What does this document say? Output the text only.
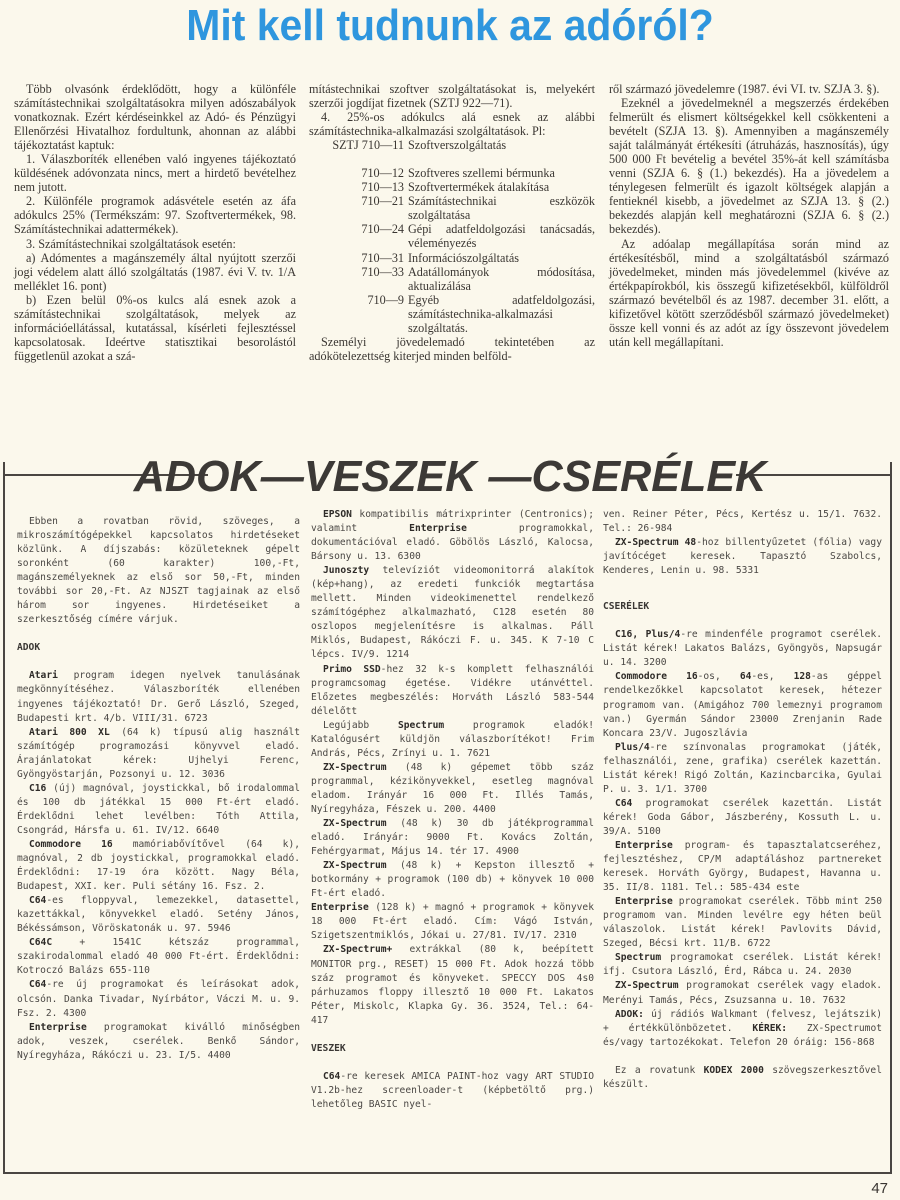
Mit kell tudnunk az adóról?

Több olvasónk érdeklődött, hogy a különféle számítástechnikai szolgáltatásokra milyen adószabályok vonatkoznak. Ezért kérdéseinkkel az Adó- és Pénzügyi Ellenőrzési Hivatalhoz fordultunk, ahonnan az alábbi tájékoztatást kaptuk:

1. Válaszboríték ellenében való ingyenes tájékoztató küldésének adóvonzata nincs, mert a hirdető bevételhez nem jutott.

2. Különféle programok adásvétele esetén az áfa adókulcs 25% (Termékszám: 97. Szoftvertermékek, 98. Számítástechnikai adattermékek).

3. Számítástechnikai szolgáltatások esetén:

a) Adómentes a magánszemély által nyújtott szerzői jogi védelem alatt álló szolgáltatás (1987. évi V. tv. 1/A melléklet 16. pont)

b) Ezen belül 0%-os kulcs alá esnek azok a számítástechnikai szolgáltatások, melyek az információellátással, kutatással, kísérleti fejlesztéssel kapcsolatosak. Ideértve statisztikai besorolástól függetlenül azokat a szá-

mítástechnikai szoftver szolgáltatásokat is, melyekért szerzői jogdíjat fizetnek (SZTJ 922—71).

4. 25%-os adókulcs alá esnek az alábbi számítástechnika-alkalmazási szolgáltatások. Pl:

SZTJ 710—11 Szoftverszolgáltatás
710—12 Szoftveres szellemi bérmunka
710—13 Szoftvertermékek átalakítása
710—21 Számítástechnikai eszközök szolgáltatása
710—24 Gépi adatfeldolgozási tanácsadás, véleményezés
710—31 Információszolgáltatás
710—33 Adatállományok módosítása, aktualizálása
710—9 Egyéb adatfeldolgozási, számítástechnika-alkalmazási szolgáltatás.

Személyi jövedelemadó tekintetében az adókötelezettség kiterjed minden belföld-

ről származó jövedelemre (1987. évi VI. tv. SZJA 3. §).

Ezeknél a jövedelmeknél a megszerzés érdekében felmerült és elismert költségekkel kell csökkenteni a bevételt (SZJA 13. §). Amennyiben a magánszemély saját találmányát értékesíti (átruházás, hasznosítás), úgy 500 000 Ft bevételig a bevétel 35%-át kell számításba venni (SZJA 6. § (1.) bekezdés). Ha a jövedelem a ténylegesen felmerült és igazolt költségek alapján a fentieknél kisebb, a jövedelmet az SZJA 13. § (2.) bekezdés alapján kell meghatározni (SZJA 6. § (2.) bekezdés).

Az adóalap megállapítása során mind az értékesítésből, mind a szolgáltatásból származó jövedelmeket, minden más jövedelemmel (kivéve az értékpapírokból, kis összegű kifizetésekből, külföldről származó bevételből és az 1987. december 31. előtt, a kifizetővel kötött szerződésből származó jövedelmeket) össze kell vonni és az adót az így összevont jövedelem után kell megállapítani.

ADOK—VESZEK —CSERÉLEK

Ebben a rovatban rövid, szöveges, a mikroszámítógépekkel kapcsolatos hirdetéseket közlünk. A díjszabás: közületeknek gépelt soronként (60 karakter) 100,-Ft, magánszemélyeknek az első sor 50,-Ft, minden további sor 20,-Ft. Az NJSZT tagjainak az első három sor ingyenes. Hirdetéseiket a szerkesztőség címére várjuk.

ADOK

Atari program idegen nyelvek tanulásának megkönnyítéséhez. Válaszboríték ellenében ingyenes tájékoztató! Dr. Gerő László, Szeged, Budapesti krt. 4/b. VIII/31. 6723

Atari 800 XL (64 k) típusú alig használt számítógép programozási könyvvel eladó. Árajánlatokat kérek: Ujhelyi Ferenc, Gyöngyöstarján, Pozsonyi u. 12. 3036

C16 (új) magnóval, joystickkal, bő irodalommal és 100 db játékkal 15 000 Ft-ért eladó. Érdeklődni lehet levélben: Tóth Attila, Csongrád, Hársfa u. 61. IV/12. 6640

Commodore 16 mamóriabővítővel (64 k), magnóval, 2 db joystickkal, programokkal eladó. Érdeklődni: 17-19 óra között. Nagy Béla, Budapest, XXI. ker. Puli sétány 16. Fsz. 2.

C64-es floppyval, lemezekkel, datasettel, kazettákkal, könyvekkel eladó. Setény János, Békéssámson, Vöröskatonák u. 97. 5946

C64C + 1541C kétszáz programmal, szakirodalommal eladó 40 000 Ft-ért. Érdeklődni: Kotroczó Balázs 655-110

C64-re új programokat és leírásokat adok, olcsón. Danka Tivadar, Nyírbátor, Váczi M. u. 9. Fsz. 2. 4300

Enterprise programokat kiválló minőségben adok, veszek, cserélek. Benkő Sándor, Nyíregyháza, Rákóczi u. 23. I/5. 4400

EPSON kompatibilis mátrixprinter (Centronics); valamint Enterprise programokkal, dokumentációval eladó. Göbölös László, Kalocsa, Bársony u. 13. 6300

Junoszty televíziót videomonitorrá alakítok (kép+hang), az eredeti funkciók megtartása mellett. Minden videokimenettel rendelkező számítógéphez alkalmazható, C128 esetén 80 oszlopos megjelenítésre is alkalmas. Páll Miklós, Budapest, Rákóczi F. u. 345. K 7-10 C lépcs. IV/9. 1214

Primo SSD-hez 32 k-s komplett felhasználói programcsomag égetése. Vidékre utánvéttel. Előzetes megbeszélés: Horváth László 583-544 délelőtt

Legújabb Spectrum programok eladók! Katalógusért küldjön válaszborítékot! Frim András, Pécs, Zrínyi u. 1. 7621

ZX-Spectrum (48 k) gépemet több száz programmal, kézikönyvekkel, esetleg magnóval eladom. Irányár 16 000 Ft. Illés Tamás, Nyíregyháza, Fészek u. 200. 4400

ZX-Spectrum (48 k) 30 db játékprogrammal eladó. Irányár: 9000 Ft. Kovács Zoltán, Fehérgyarmat, Május 14. tér 17. 4900

ZX-Spectrum (48 k) + Kepston illesztő + botkormány + programok (100 db) + könyvek 10 000 Ft-ért eladó.

Enterprise (128 k) + magnó + programok + könyvek 18 000 Ft-ért eladó. Cím: Vágó István, Szigetszentmiklós, Jókai u. 27/81. IV/17. 2310

ZX-Spectrum+ extrákkal (80 k, beépített MONITOR prg., RESET) 15 000 Ft. Adok hozzá több száz programot és könyveket. SPECCY DOS 4s0 párhuzamos floppy illesztő 10 000 Ft. Lakatos Péter, Miskolc, Klapka Gy. 36. 3524, Tel.: 64-417

VESZEK

C64-re keresek AMICA PAINT-hoz vagy ART STUDIO V1.2b-hez screenloader-t (képbetöltő prg.) lehetőleg BASIC nyel-

ven. Reiner Péter, Pécs, Kertész u. 15/1. 7632. Tel.: 26-984

ZX-Spectrum 48-hoz billentyűzetet (fólia) vagy javítócéget keresek. Tapasztó Szabolcs, Kenderes, Lenin u. 98. 5331

CSERÉLEK

C16, Plus/4-re mindenféle programot cserélek. Listát kérek! Lakatos Balázs, Gyöngyös, Napsugár u. 14. 3200

Commodore 16-os, 64-es, 128-as géppel rendelkezőkkel kapcsolatot keresek, hétezer programom van. (Amigához 700 lemeznyi programom van.) Gyermán Sándor 23000 Zrenjanin Rade Koncara 23/V. Jugoszlávia

Plus/4-re színvonalas programokat (játék, felhasználói, zene, grafika) cserélek kazettán. Listát kérek! Rigó Zoltán, Kazincbarcika, Gyulai P. u. 3. 1/1. 3700

C64 programokat cserélek kazettán. Listát kérek! Goda Gábor, Jászberény, Kossuth L. u. 39/A. 5100

Enterprise program- és tapasztalatcseréhez, fejlesztéshez, CP/M adaptáláshoz partnereket keresek. Horváth György, Budapest, Havanna u. 35. II/8. 1181. Tel.: 585-434 este

Enterprise programokat cserélek. Több mint 250 programom van. Minden levélre egy héten beül válaszolok. Listát kérek! Pavlovits Dávid, Szeged, Bécsi krt. 11/B. 6722

Spectrum programokat cserélek. Listát kérek! ifj. Csutora László, Érd, Rábca u. 24. 2030

ZX-Spectrum programokat cserélek vagy eladok. Merényi Tamás, Pécs, Zsuzsanna u. 10. 7632

ADOK: új rádiós Walkmant (felvesz, lejátszik) + értékkülönbözetet. KÉREK: ZX-Spectrumot és/vagy tartozékokat. Telefon 20 óráig: 156-868

Ez a rovatunk KODEX 2000 szövegszerkesztővel készült.

47
